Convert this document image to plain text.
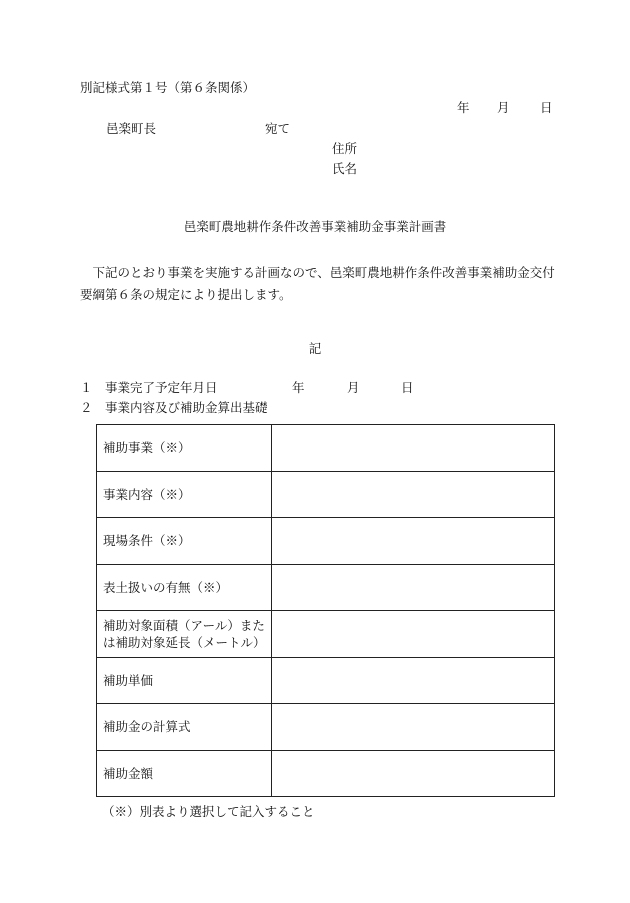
別記様式第１号（第６条関係）
年 月 日
邑楽町長	宛て
住所
氏名
邑楽町農地耕作条件改善事業補助金事業計画書
　下記のとおり事業を実施する計画なので、邑楽町農地耕作条件改善事業補助金交付要綱第６条の規定により提出します。
記
１ 事業完了予定年月日	年	月	日
２ 事業内容及び補助金算出基礎
補助事業（※）	
事業内容（※）	
現場条件（※）	
表土扱いの有無（※）	
補助対象面積（アール）または補助対象延長（メートル）	
補助単価	
補助金の計算式	
補助金額	
（※）別表より選択して記入すること
